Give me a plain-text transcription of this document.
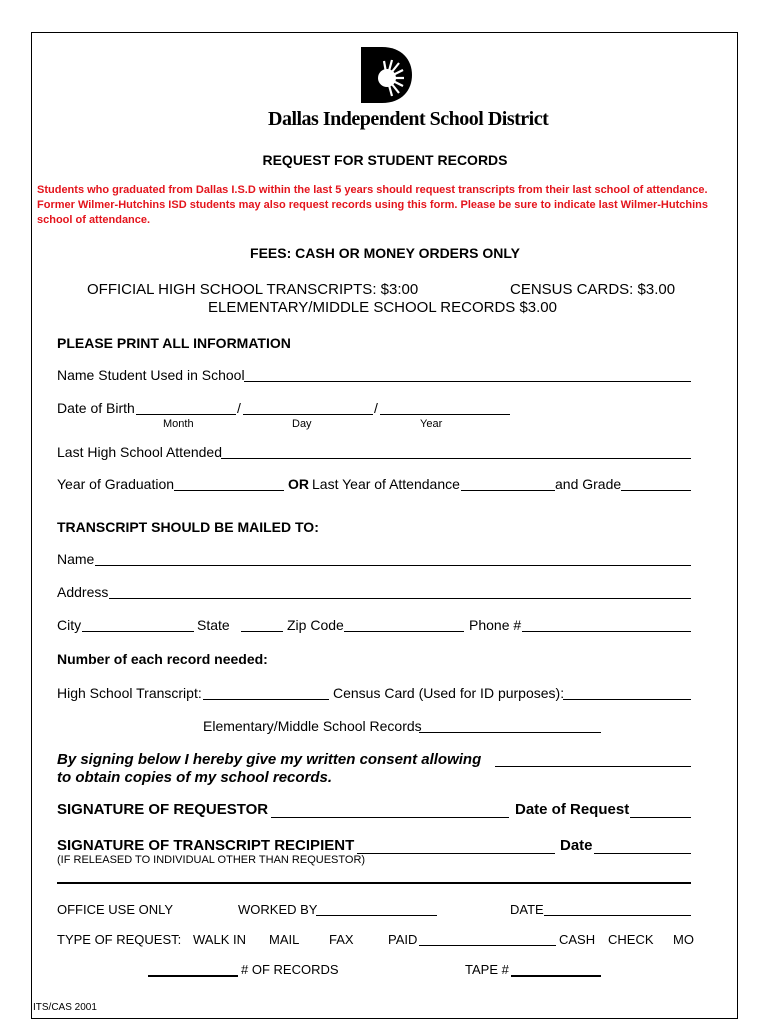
Dallas Independent School District
REQUEST FOR STUDENT RECORDS
Students who graduated from Dallas I.S.D within the last 5 years should request transcripts from their last school of attendance. Former Wilmer-Hutchins ISD students may also request records using this form. Please be sure to indicate last Wilmer-Hutchins school of attendance.
FEES: CASH OR MONEY ORDERS ONLY
OFFICIAL HIGH SCHOOL TRANSCRIPTS: $3:00	CENSUS CARDS: $3.00
ELEMENTARY/MIDDLE SCHOOL RECORDS $3.00
PLEASE PRINT ALL INFORMATION
Name Student Used in School
Date of Birth	/	/
Month	Day	Year
Last High School Attended
Year of Graduation	OR Last Year of Attendance	and Grade
TRANSCRIPT SHOULD BE MAILED TO:
Name
Address
City	State	Zip Code	Phone #
Number of each record needed:
High School Transcript:	Census Card (Used for ID purposes):
Elementary/Middle School Records
By signing below I hereby give my written consent allowing
to obtain copies of my school records.
SIGNATURE OF REQUESTOR	Date of Request
SIGNATURE OF TRANSCRIPT RECIPIENT	Date
(IF RELEASED TO INDIVIDUAL OTHER THAN REQUESTOR)
OFFICE USE ONLY	WORKED BY	DATE
TYPE OF REQUEST: WALK IN MAIL FAX	PAID	CASH CHECK MO
# OF RECORDS	TAPE #
ITS/CAS 2001
